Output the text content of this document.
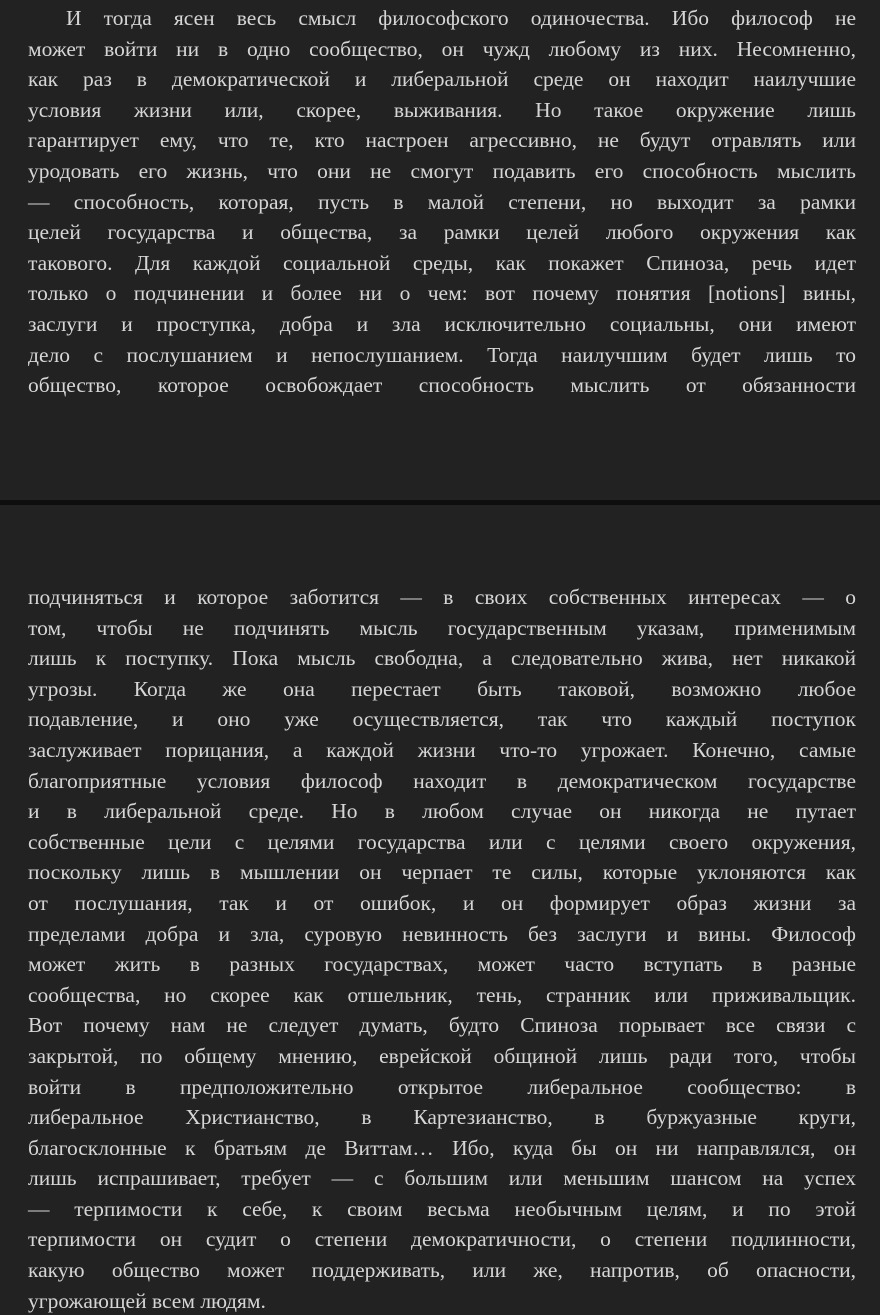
И тогда ясен весь смысл философского одиночества. Ибо философ не
может войти ни в одно сообщество, он чужд любому из них. Несомненно,
как раз в демократической и либеральной среде он находит наилучшие
условия жизни или, скорее, выживания. Но такое окружение лишь
гарантирует ему, что те, кто настроен агрессивно, не будут отравлять или
уродовать его жизнь, что они не смогут подавить его способность мыслить
— способность, которая, пусть в малой степени, но выходит за рамки
целей государства и общества, за рамки целей любого окружения как
такового. Для каждой социальной среды, как покажет Спиноза, речь идет
только о подчинении и более ни о чем: вот почему понятия [notions] вины,
заслуги и проступка, добра и зла исключительно социальны, они имеют
дело с послушанием и непослушанием. Тогда наилучшим будет лишь то
общество, которое освобождает способность мыслить от обязанности
подчиняться и которое заботится — в своих собственных интересах — о
том, чтобы не подчинять мысль государственным указам, применимым
лишь к поступку. Пока мысль свободна, а следовательно жива, нет никакой
угрозы. Когда же она перестает быть таковой, возможно любое
подавление, и оно уже осуществляется, так что каждый поступок
заслуживает порицания, а каждой жизни что-то угрожает. Конечно, самые
благоприятные условия философ находит в демократическом государстве
и в либеральной среде. Но в любом случае он никогда не путает
собственные цели с целями государства или с целями своего окружения,
поскольку лишь в мышлении он черпает те силы, которые уклоняются как
от послушания, так и от ошибок, и он формирует образ жизни за
пределами добра и зла, суровую невинность без заслуги и вины. Философ
может жить в разных государствах, может часто вступать в разные
сообщества, но скорее как отшельник, тень, странник или приживальщик.
Вот почему нам не следует думать, будто Спиноза порывает все связи с
закрытой, по общему мнению, еврейской общиной лишь ради того, чтобы
войти в предположительно открытое либеральное сообщество: в
либеральное Христианство, в Картезианство, в буржуазные круги,
благосклонные к братьям де Виттам… Ибо, куда бы он ни направлялся, он
лишь испрашивает, требует — с большим или меньшим шансом на успех
— терпимости к себе, к своим весьма необычным целям, и по этой
терпимости он судит о степени демократичности, о степени подлинности,
какую общество может поддерживать, или же, напротив, об опасности,
угрожающей всем людям.
